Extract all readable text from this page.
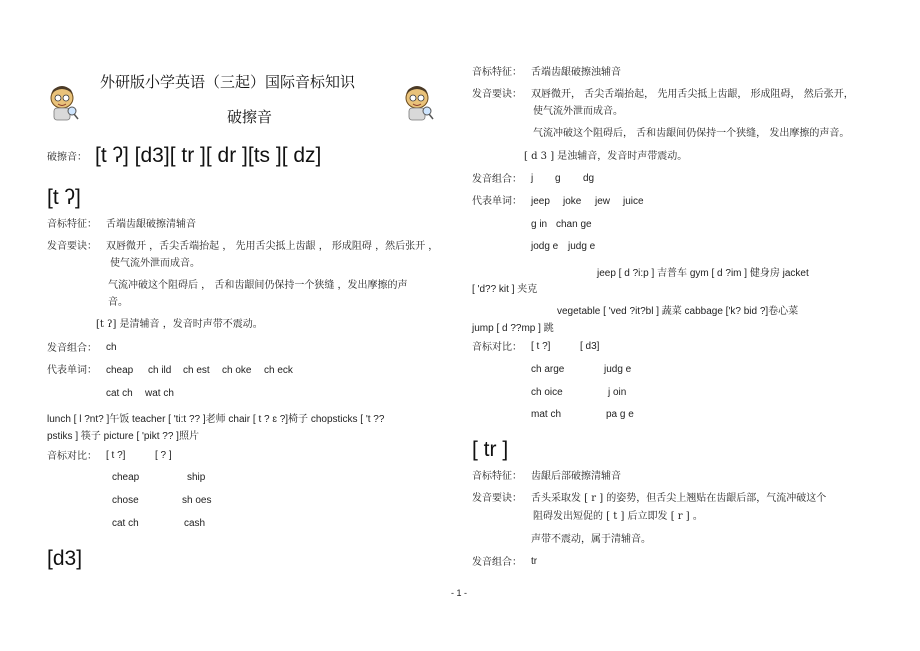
外研版小学英语（三起）国际音标知识
破擦音
破擦音： [t ʔ] [d3][ tr ][ dr ][ts ][ dz]
[t ʔ]
音标特征： 舌端齿龈破擦清辅音
发音要诀： 双唇微开 ，舌尖舌端抬起 ， 先用舌尖抵上齿龈 ， 形成阻碍 ，然后张开 ，
使气流外泄而成音。
气流冲破这个阻碍后 ， 舌和齿龈间仍保持一个狭缝 ，发出摩擦的声
音。
[t ʔ] 是清辅音 ，发音时声带不震动。
发音组合： ch
代表单词： cheap ch ild ch est ch oke ch eck
cat ch wat ch
lunch [ l ?nt? ]午饭 teacher [ 'ti:t ?? ]老师 chair [ t ? ɛ ?]椅子 chopsticks [ 't ??
pstiks ] 筷子 picture [ 'pikt ?? ]照片
音标对比： [ t ?]	[ ? ]
cheap	ship
chose	sh oes
cat ch	cash
[d3]
音标特征： 舌端齿龈破擦浊辅音
发音要诀： 双唇微开， 舌尖舌端抬起， 先用舌尖抵上齿龈， 形成阻碍， 然后张开，
使气流外泄而成音。
气流冲破这个阻碍后， 舌和齿龈间仍保持一个狭缝， 发出摩擦的声音。
[ d 3 ] 是浊辅音，发音时声带震动。
发音组合： j g dg
代表单词： jeep joke jew juice
g in chan ge
jodg e judg e
jeep [ d ?i:p ] 吉普车 gym [ d ?im ] 健身房 jacket
[ 'd?? kit ] 夹克
vegetable [ 'ved ?it?bl ] 蔬菜 cabbage ['k? bid ?]卷心菜
jump [ d ??mp ] 跳
音标对比： [ t ?]	[ d3]
ch arge	judg e
ch oice	j oin
mat ch	pa g e
[ tr ]
音标特征： 齿龈后部破擦清辅音
发音要诀： 舌头采取发 [ r ] 的姿势，但舌尖上翘贴在齿龈后部，气流冲破这个
阻碍发出短促的 [ t ] 后立即发 [ r ] 。
声带不震动，属于清辅音。
发音组合： tr
- 1 -
